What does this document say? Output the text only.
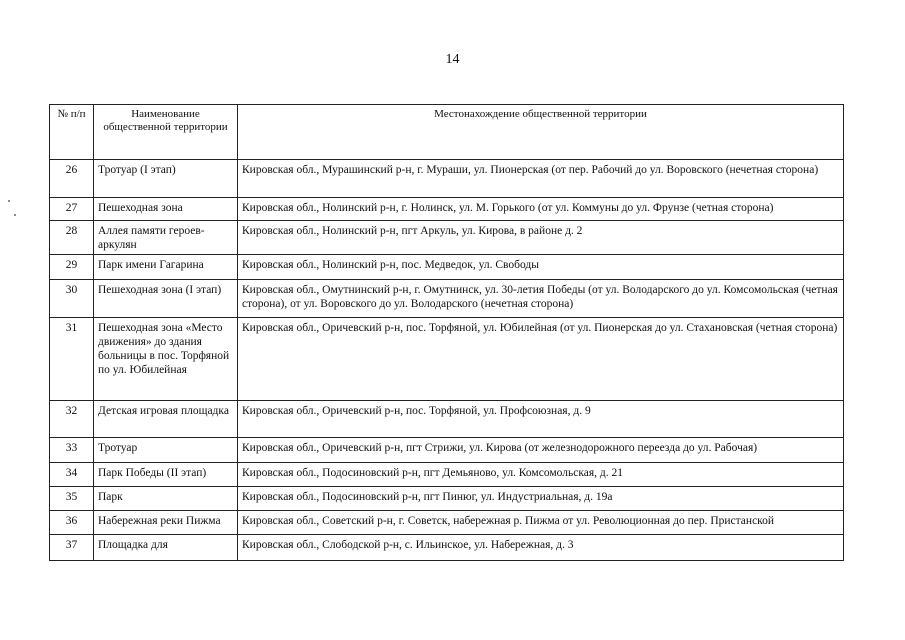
14
№ п/п	Наименование общественной территории	Местонахождение общественной территории
26	Тротуар (I этап)	Кировская обл., Мурашинский р-н, г. Мураши, ул. Пионерская (от пер. Рабочий до ул. Воровского (нечетная сторона)
27	Пешеходная зона	Кировская обл., Нолинский р-н, г. Нолинск, ул. М. Горького (от ул. Коммуны до ул. Фрунзе (четная сторона)
28	Аллея памяти героев-аркулян	Кировская обл., Нолинский р-н, пгт Аркуль, ул. Кирова, в районе д. 2
29	Парк имени Гагарина	Кировская обл., Нолинский р-н, пос. Медведок, ул. Свободы
30	Пешеходная зона (I этап)	Кировская обл., Омутнинский р-н, г. Омутнинск, ул. 30-летия Победы (от ул. Володарского до ул. Комсомольская (четная сторона), от ул. Воровского до ул. Володарского (нечетная сторона)
31	Пешеходная зона «Место движения» до здания больницы в пос. Торфяной по ул. Юбилейная	Кировская обл., Оричевский р-н, пос. Торфяной, ул. Юбилейная (от ул. Пионерская до ул. Стахановская (четная сторона)
32	Детская игровая площадка	Кировская обл., Оричевский р-н, пос. Торфяной, ул. Профсоюзная, д. 9
33	Тротуар	Кировская обл., Оричевский р-н, пгт Стрижи, ул. Кирова (от железнодорожного переезда до ул. Рабочая)
34	Парк Победы (II этап)	Кировская обл., Подосиновский р-н, пгт Демьяново, ул. Комсомольская, д. 21
35	Парк	Кировская обл., Подосиновский р-н, пгт Пинюг, ул. Индустриальная, д. 19а
36	Набережная реки Пижма	Кировская обл., Советский р-н, г. Советск, набережная р. Пижма от ул. Революционная до пер. Пристанской
37	Площадка для	Кировская обл., Слободской р-н, с. Ильинское, ул. Набережная, д. 3
